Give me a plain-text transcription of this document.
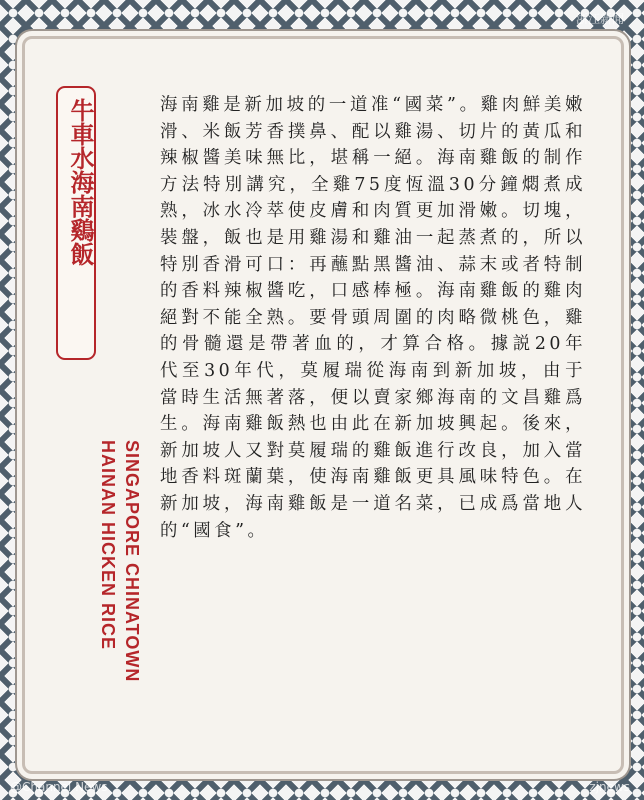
牛車水海南鷄飯
SINGAPORE CHINATOWN
HAINAN HICKEN RICE
海南雞是新加坡的一道准“國菜”。雞肉鮮美嫩滑、米飯芳香撲鼻、配以雞湯、切片的黃瓜和辣椒醬美味無比，堪稱一絕。海南雞飯的制作方法特別講究，全雞75度恆溫30分鐘燜煮成熟，冰水冷萃使皮膚和肉質更加滑嫩。切塊，裝盤，飯也是用雞湯和雞油一起蒸煮的，所以特別香滑可口：再蘸點黑醬油、蒜末或者特制的香料辣椒醬吃，口感棒極。海南雞飯的雞肉絕對不能全熟。要骨頭周圍的肉略微桃色，雞的骨髓還是帶著血的，才算合格。據説20年代至30年代，莫履瑞從海南到新加坡，由于當時生活無著落，便以賣家鄉海南的文昌雞爲生。海南雞飯熱也由此在新加坡興起。後來，新加坡人又對莫履瑞的雞飯進行改良，加入當地香料斑蘭葉，使海南雞飯更具風味特色。在新加坡，海南雞飯是一道名菜，已成爲當地人的“國食”。
浙江新聞
@Channel News	zjnews
